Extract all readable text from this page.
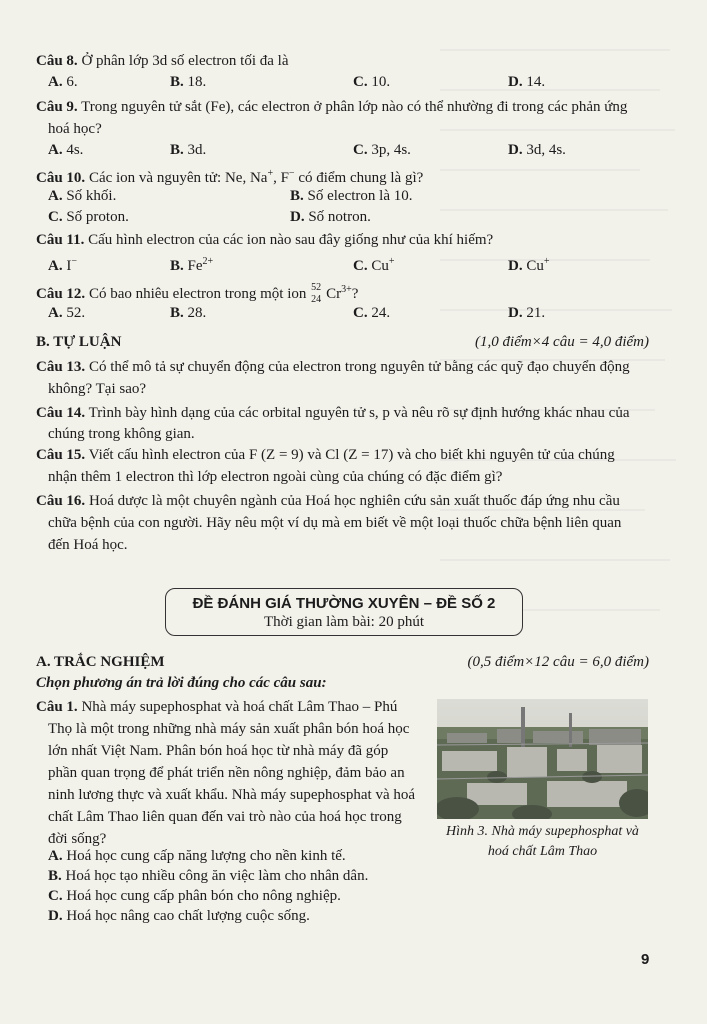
Câu 8. Ở phân lớp 3d số electron tối đa là
A. 6.	B. 18.	C. 10.	D. 14.
Câu 9. Trong nguyên tử sắt (Fe), các electron ở phân lớp nào có thể nhường đi trong các phản ứng
hoá học?
A. 4s.	B. 3d.	C. 3p, 4s.	D. 3d, 4s.
Câu 10. Các ion và nguyên tử: Ne, Na+, F− có điểm chung là gì?
A. Số khối.	B. Số electron là 10.
C. Số proton.	D. Số notron.
Câu 11. Cấu hình electron của các ion nào sau đây giống như của khí hiếm?
A. I−	B. $Fe^{2+}$	C. Cu+	D. Cu+
Câu 12. Có bao nhiêu electron trong một ion 52
24 $Cr^{3+}$?
A. 52.	B. 28.	C. 24.	D. 21.
B. TỰ LUẬN	(1,0 điểm×4 câu = 4,0 điểm)
Câu 13. Có thể mô tả sự chuyển động của electron trong nguyên tử bằng các quỹ đạo chuyển động
không? Tại sao?
Câu 14. Trình bày hình dạng của các orbital nguyên tử s, p và nêu rõ sự định hướng khác nhau của
chúng trong không gian.
Câu 15. Viết cấu hình electron của F (Z = 9) và Cl (Z = 17) và cho biết khi nguyên tử của chúng
nhận thêm 1 electron thì lớp electron ngoài cùng của chúng có đặc điểm gì?
Câu 16. Hoá dược là một chuyên ngành của Hoá học nghiên cứu sản xuất thuốc đáp ứng nhu cầu
chữa bệnh của con người. Hãy nêu một ví dụ mà em biết về một loại thuốc chữa bệnh liên quan
đến Hoá học.
ĐỀ ĐÁNH GIÁ THƯỜNG XUYÊN – ĐỀ SỐ 2
Thời gian làm bài: 20 phút
A. TRẮC NGHIỆM	(0,5 điểm×12 câu = 6,0 điểm)
Chọn phương án trả lời đúng cho các câu sau:
Câu 1. Nhà máy supephosphat và hoá chất Lâm Thao – Phú
Thọ là một trong những nhà máy sản xuất phân bón hoá học
lớn nhất Việt Nam. Phân bón hoá học từ nhà máy đã góp
phần quan trọng để phát triển nền nông nghiệp, đảm bảo an
ninh lương thực và xuất khẩu. Nhà máy supephosphat và hoá
chất Lâm Thao liên quan đến vai trò nào của hoá học trong
đời sống?
A. Hoá học cung cấp năng lượng cho nền kinh tế.
B. Hoá học tạo nhiều công ăn việc làm cho nhân dân.
C. Hoá học cung cấp phân bón cho nông nghiệp.
D. Hoá học nâng cao chất lượng cuộc sống.
Hình 3. Nhà máy supephosphat và
hoá chất Lâm Thao
9
